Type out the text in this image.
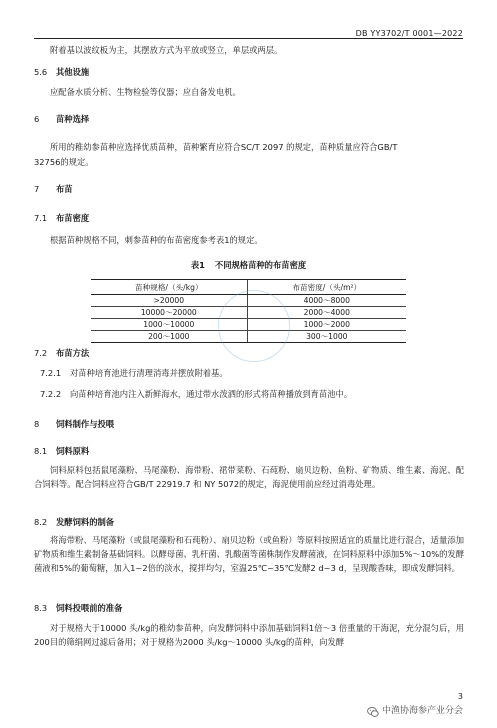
DB YY3702/T 0001—2022
附着基以波纹板为主，其摆放方式为平放或竖立，单层或两层。
5.6 其他设施
应配备水质分析、生物检验等仪器；应自备发电机。
6 苗种选择
所用的稚幼参苗种应选择优质苗种，苗种繁育应符合SC/T 2097 的规定，苗种质量应符合GB/T
32756的规定。
7 布苗
7.1 布苗密度
根据苗种规格不同，刺参苗种的布苗密度参考表1的规定。
表1 不同规格苗种的布苗密度
苗种规格/（头/kg）	布苗密度/（头/m²）
>20000	4000～8000
10000～20000	2000～4000
1000～10000	1000～2000
200～1000	300～1000
7.2 布苗方法
7.2.1 对苗种培育池进行清理消毒并摆放附着基。
7.2.2 向苗种培育池内注入新鲜海水，通过带水泼洒的形式将苗种播放到育苗池中。
8 饲料制作与投喂
8.1 饲料原料
饲料原料包括鼠尾藻粉、马尾藻粉、海带粉、裙带菜粉、石莼粉、扇贝边粉、鱼粉、矿物质、维生素、海泥、配合饲料等。配合饲料应符合GB/T 22919.7 和 NY 5072的规定，海泥使用前应经过消毒处理。
8.2 发酵饲料的制备
将海带粉、马尾藻粉（或鼠尾藻粉和石莼粉）、扇贝边粉（或鱼粉）等原料按照适宜的质量比进行混合，适量添加矿物质和维生素制备基础饲料。以酵母菌、乳杆菌、乳酸菌等菌株制作发酵菌液，在饲料原料中添加5%～10%的发酵菌液和5%的葡萄糖，加入1~2倍的淡水，搅拌均匀，室温25℃~35℃发酵2 d~3 d，呈现酸香味，即成发酵饲料。
8.3 饲料投喂前的准备
对于规格大于10000 头/kg的稚幼参苗种，向发酵饲料中添加基础饲料1倍～3 倍重量的干海泥，充分混匀后，用200目的筛绢网过滤后备用；对于规格为2000 头/kg～10000 头/kg的苗种，向发酵
3
中渔协海参产业分会
